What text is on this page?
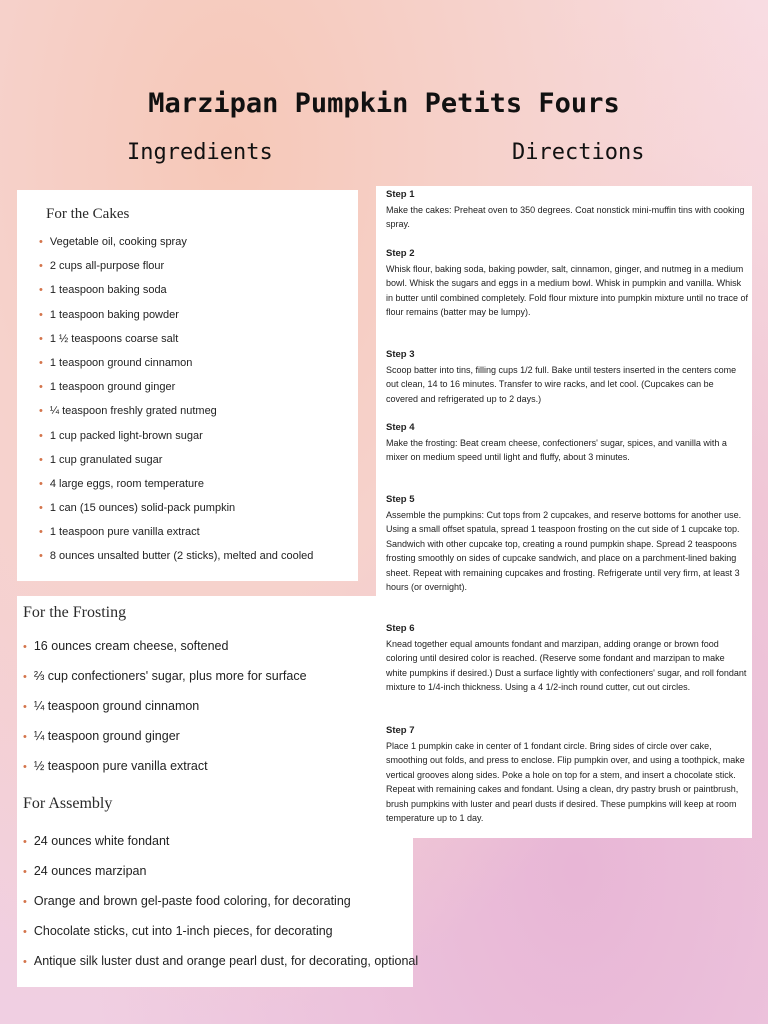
Marzipan Pumpkin Petits Fours
Ingredients	Directions
For the Cakes
• Vegetable oil, cooking spray
• 2 cups all-purpose flour
• 1 teaspoon baking soda
• 1 teaspoon baking powder
• 1 ½ teaspoons coarse salt
• 1 teaspoon ground cinnamon
• 1 teaspoon ground ginger
• ¼ teaspoon freshly grated nutmeg
• 1 cup packed light-brown sugar
• 1 cup granulated sugar
• 4 large eggs, room temperature
• 1 can (15 ounces) solid-pack pumpkin
• 1 teaspoon pure vanilla extract
• 8 ounces unsalted butter (2 sticks), melted and cooled
For the Frosting
• 16 ounces cream cheese, softened
• ⅔ cup confectioners' sugar, plus more for surface
• ¼ teaspoon ground cinnamon
• ¼ teaspoon ground ginger
• ½ teaspoon pure vanilla extract
For Assembly
• 24 ounces white fondant
• 24 ounces marzipan
• Orange and brown gel-paste food coloring, for decorating
• Chocolate sticks, cut into 1-inch pieces, for decorating
• Antique silk luster dust and orange pearl dust, for decorating, optional
Step 1
Make the cakes: Preheat oven to 350 degrees. Coat nonstick mini-muffin tins with cooking spray.
Step 2
Whisk flour, baking soda, baking powder, salt, cinnamon, ginger, and nutmeg in a medium bowl. Whisk the sugars and eggs in a medium bowl. Whisk in pumpkin and vanilla. Whisk in butter until combined completely. Fold flour mixture into pumpkin mixture until no trace of flour remains (batter may be lumpy).
Step 3
Scoop batter into tins, filling cups 1/2 full. Bake until testers inserted in the centers come out clean, 14 to 16 minutes. Transfer to wire racks, and let cool. (Cupcakes can be covered and refrigerated up to 2 days.)
Step 4
Make the frosting: Beat cream cheese, confectioners' sugar, spices, and vanilla with a mixer on medium speed until light and fluffy, about 3 minutes.
Step 5
Assemble the pumpkins: Cut tops from 2 cupcakes, and reserve bottoms for another use. Using a small offset spatula, spread 1 teaspoon frosting on the cut side of 1 cupcake top. Sandwich with other cupcake top, creating a round pumpkin shape. Spread 2 teaspoons frosting smoothly on sides of cupcake sandwich, and place on a parchment-lined baking sheet. Repeat with remaining cupcakes and frosting. Refrigerate until very firm, at least 3 hours (or overnight).
Step 6
Knead together equal amounts fondant and marzipan, adding orange or brown food coloring until desired color is reached. (Reserve some fondant and marzipan to make white pumpkins if desired.) Dust a surface lightly with confectioners' sugar, and roll fondant mixture to 1/4-inch thickness. Using a 4 1/2-inch round cutter, cut out circles.
Step 7
Place 1 pumpkin cake in center of 1 fondant circle. Bring sides of circle over cake, smoothing out folds, and press to enclose. Flip pumpkin over, and using a toothpick, make vertical grooves along sides. Poke a hole on top for a stem, and insert a chocolate stick. Repeat with remaining cakes and fondant. Using a clean, dry pastry brush or paintbrush, brush pumpkins with luster and pearl dusts if desired. These pumpkins will keep at room temperature up to 1 day.
